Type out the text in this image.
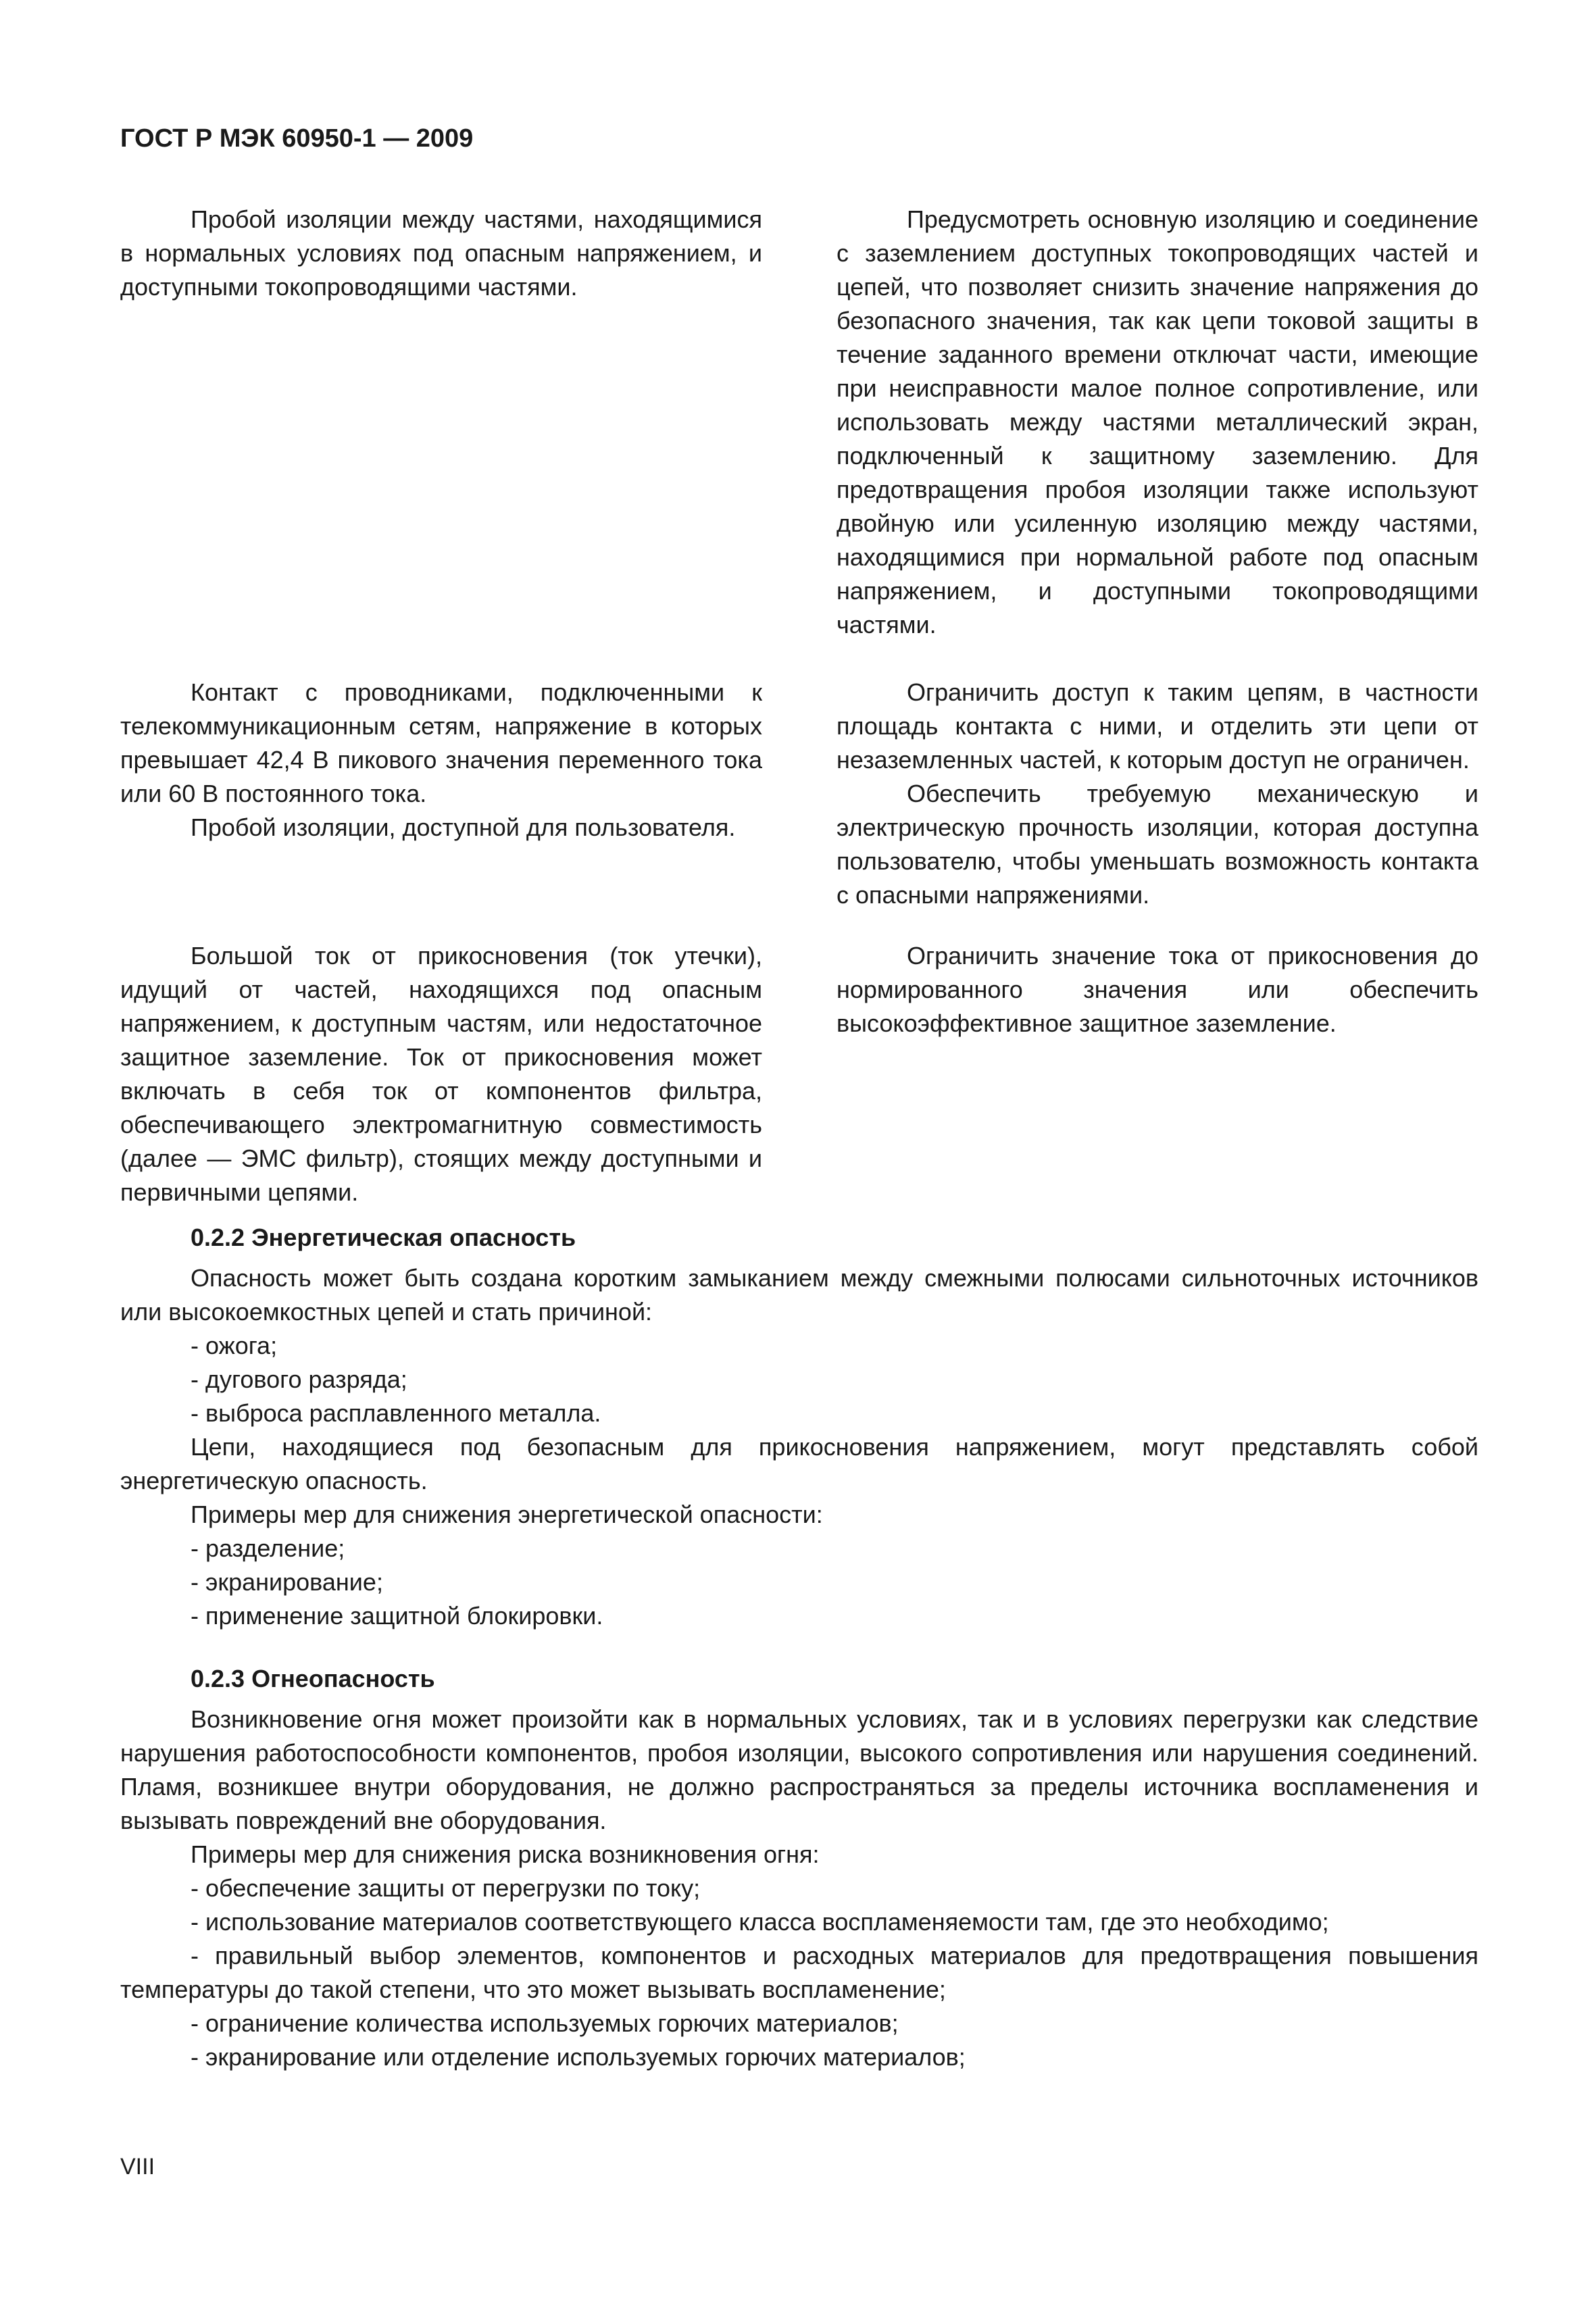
ГОСТ Р МЭК 60950-1 — 2009

Пробой изоляции между частями, находящимися в нормальных условиях под опасным напряжением, и доступными токопроводящими частями.

Предусмотреть основную изоляцию и соединение с заземлением доступных токопроводящих частей и цепей, что позволяет снизить значение напряжения до безопасного значения, так как цепи токовой защиты в течение заданного времени отключат части, имеющие при неисправности малое полное сопротивление, или использовать между частями металлический экран, подключенный к защитному заземлению. Для предотвращения пробоя изоляции также используют двойную или усиленную изоляцию между частями, находящимися при нормальной работе под опасным напряжением, и доступными токопроводящими частями.

Контакт с проводниками, подключенными к телекоммуникационным сетям, напряжение в которых превышает 42,4 В пикового значения переменного тока или 60 В постоянного тока.

Пробой изоляции, доступной для пользователя.

Ограничить доступ к таким цепям, в частности площадь контакта с ними, и отделить эти цепи от незаземленных частей, к которым доступ не ограничен.

Обеспечить требуемую механическую и электрическую прочность изоляции, которая доступна пользователю, чтобы уменьшать возможность контакта с опасными напряжениями.

Большой ток от прикосновения (ток утечки), идущий от частей, находящихся под опасным напряжением, к доступным частям, или недостаточное защитное заземление. Ток от прикосновения может включать в себя ток от компонентов фильтра, обеспечивающего электромагнитную совместимость (далее — ЭМС фильтр), стоящих между доступными и первичными цепями.

Ограничить значение тока от прикосновения до нормированного значения или обеспечить высокоэффективное защитное заземление.

0.2.2 Энергетическая опасность

Опасность может быть создана коротким замыканием между смежными полюсами сильноточных источников или высокоемкостных цепей и стать причиной:

- ожога;

- дугового разряда;

- выброса расплавленного металла.

Цепи, находящиеся под безопасным для прикосновения напряжением, могут представлять собой энергетическую опасность.

Примеры мер для снижения энергетической опасности:

- разделение;

- экранирование;

- применение защитной блокировки.

0.2.3 Огнеопасность

Возникновение огня может произойти как в нормальных условиях, так и в условиях перегрузки как следствие нарушения работоспособности компонентов, пробоя изоляции, высокого сопротивления или нарушения соединений. Пламя, возникшее внутри оборудования, не должно распространяться за пределы источника воспламенения и вызывать повреждений вне оборудования.

Примеры мер для снижения риска возникновения огня:

- обеспечение защиты от перегрузки по току;

- использование материалов соответствующего класса воспламеняемости там, где это необходимо;

- правильный выбор элементов, компонентов и расходных материалов для предотвращения повышения температуры до такой степени, что это может вызывать воспламенение;

- ограничение количества используемых горючих материалов;

- экранирование или отделение используемых горючих материалов;

VIII
